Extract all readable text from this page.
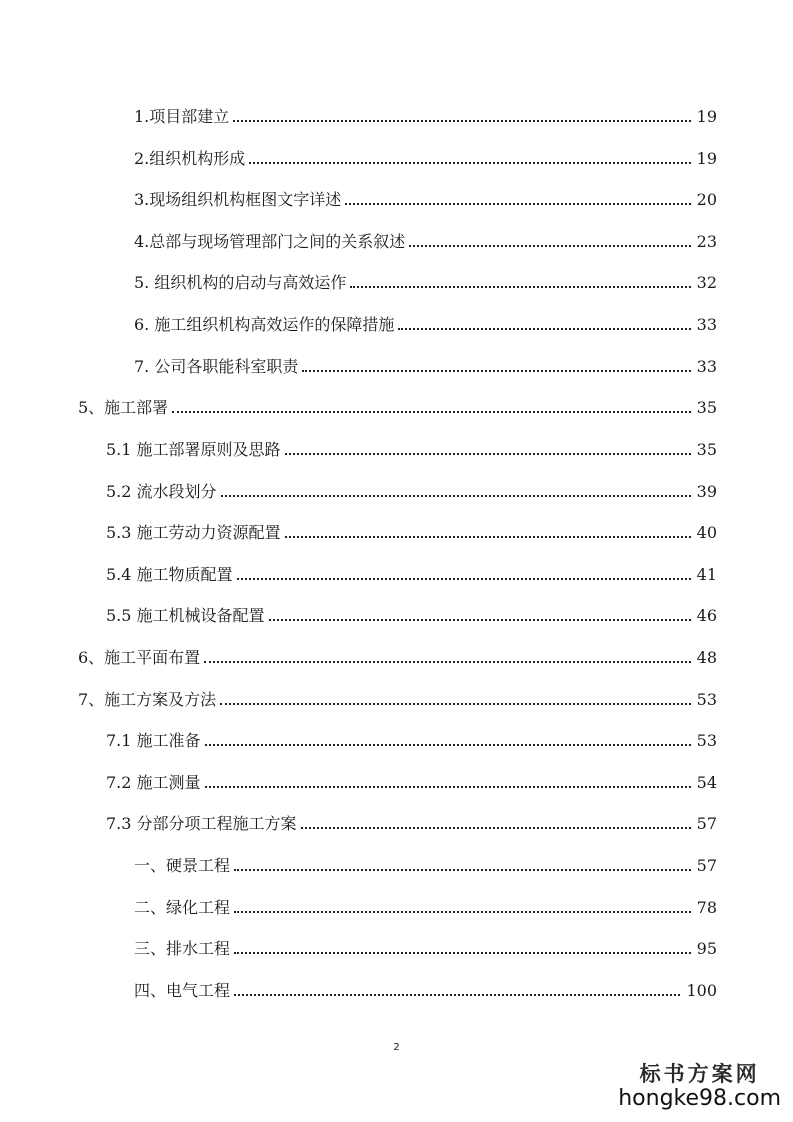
1.项目部建立	19
2.组织机构形成	19
3.现场组织机构框图文字详述	20
4.总部与现场管理部门之间的关系叙述	23
5. 组织机构的启动与高效运作	32
6. 施工组织机构高效运作的保障措施	33
7. 公司各职能科室职责	33
5、施工部署	35
5.1 施工部署原则及思路	35
5.2 流水段划分	39
5.3 施工劳动力资源配置	40
5.4 施工物质配置	41
5.5 施工机械设备配置	46
6、施工平面布置	48
7、施工方案及方法	53
7.1 施工准备	53
7.2 施工测量	54
7.3 分部分项工程施工方案	57
一、硬景工程	57
二、绿化工程	78
三、排水工程	95
四、电气工程	100
2
标书方案网
hongke98.com
